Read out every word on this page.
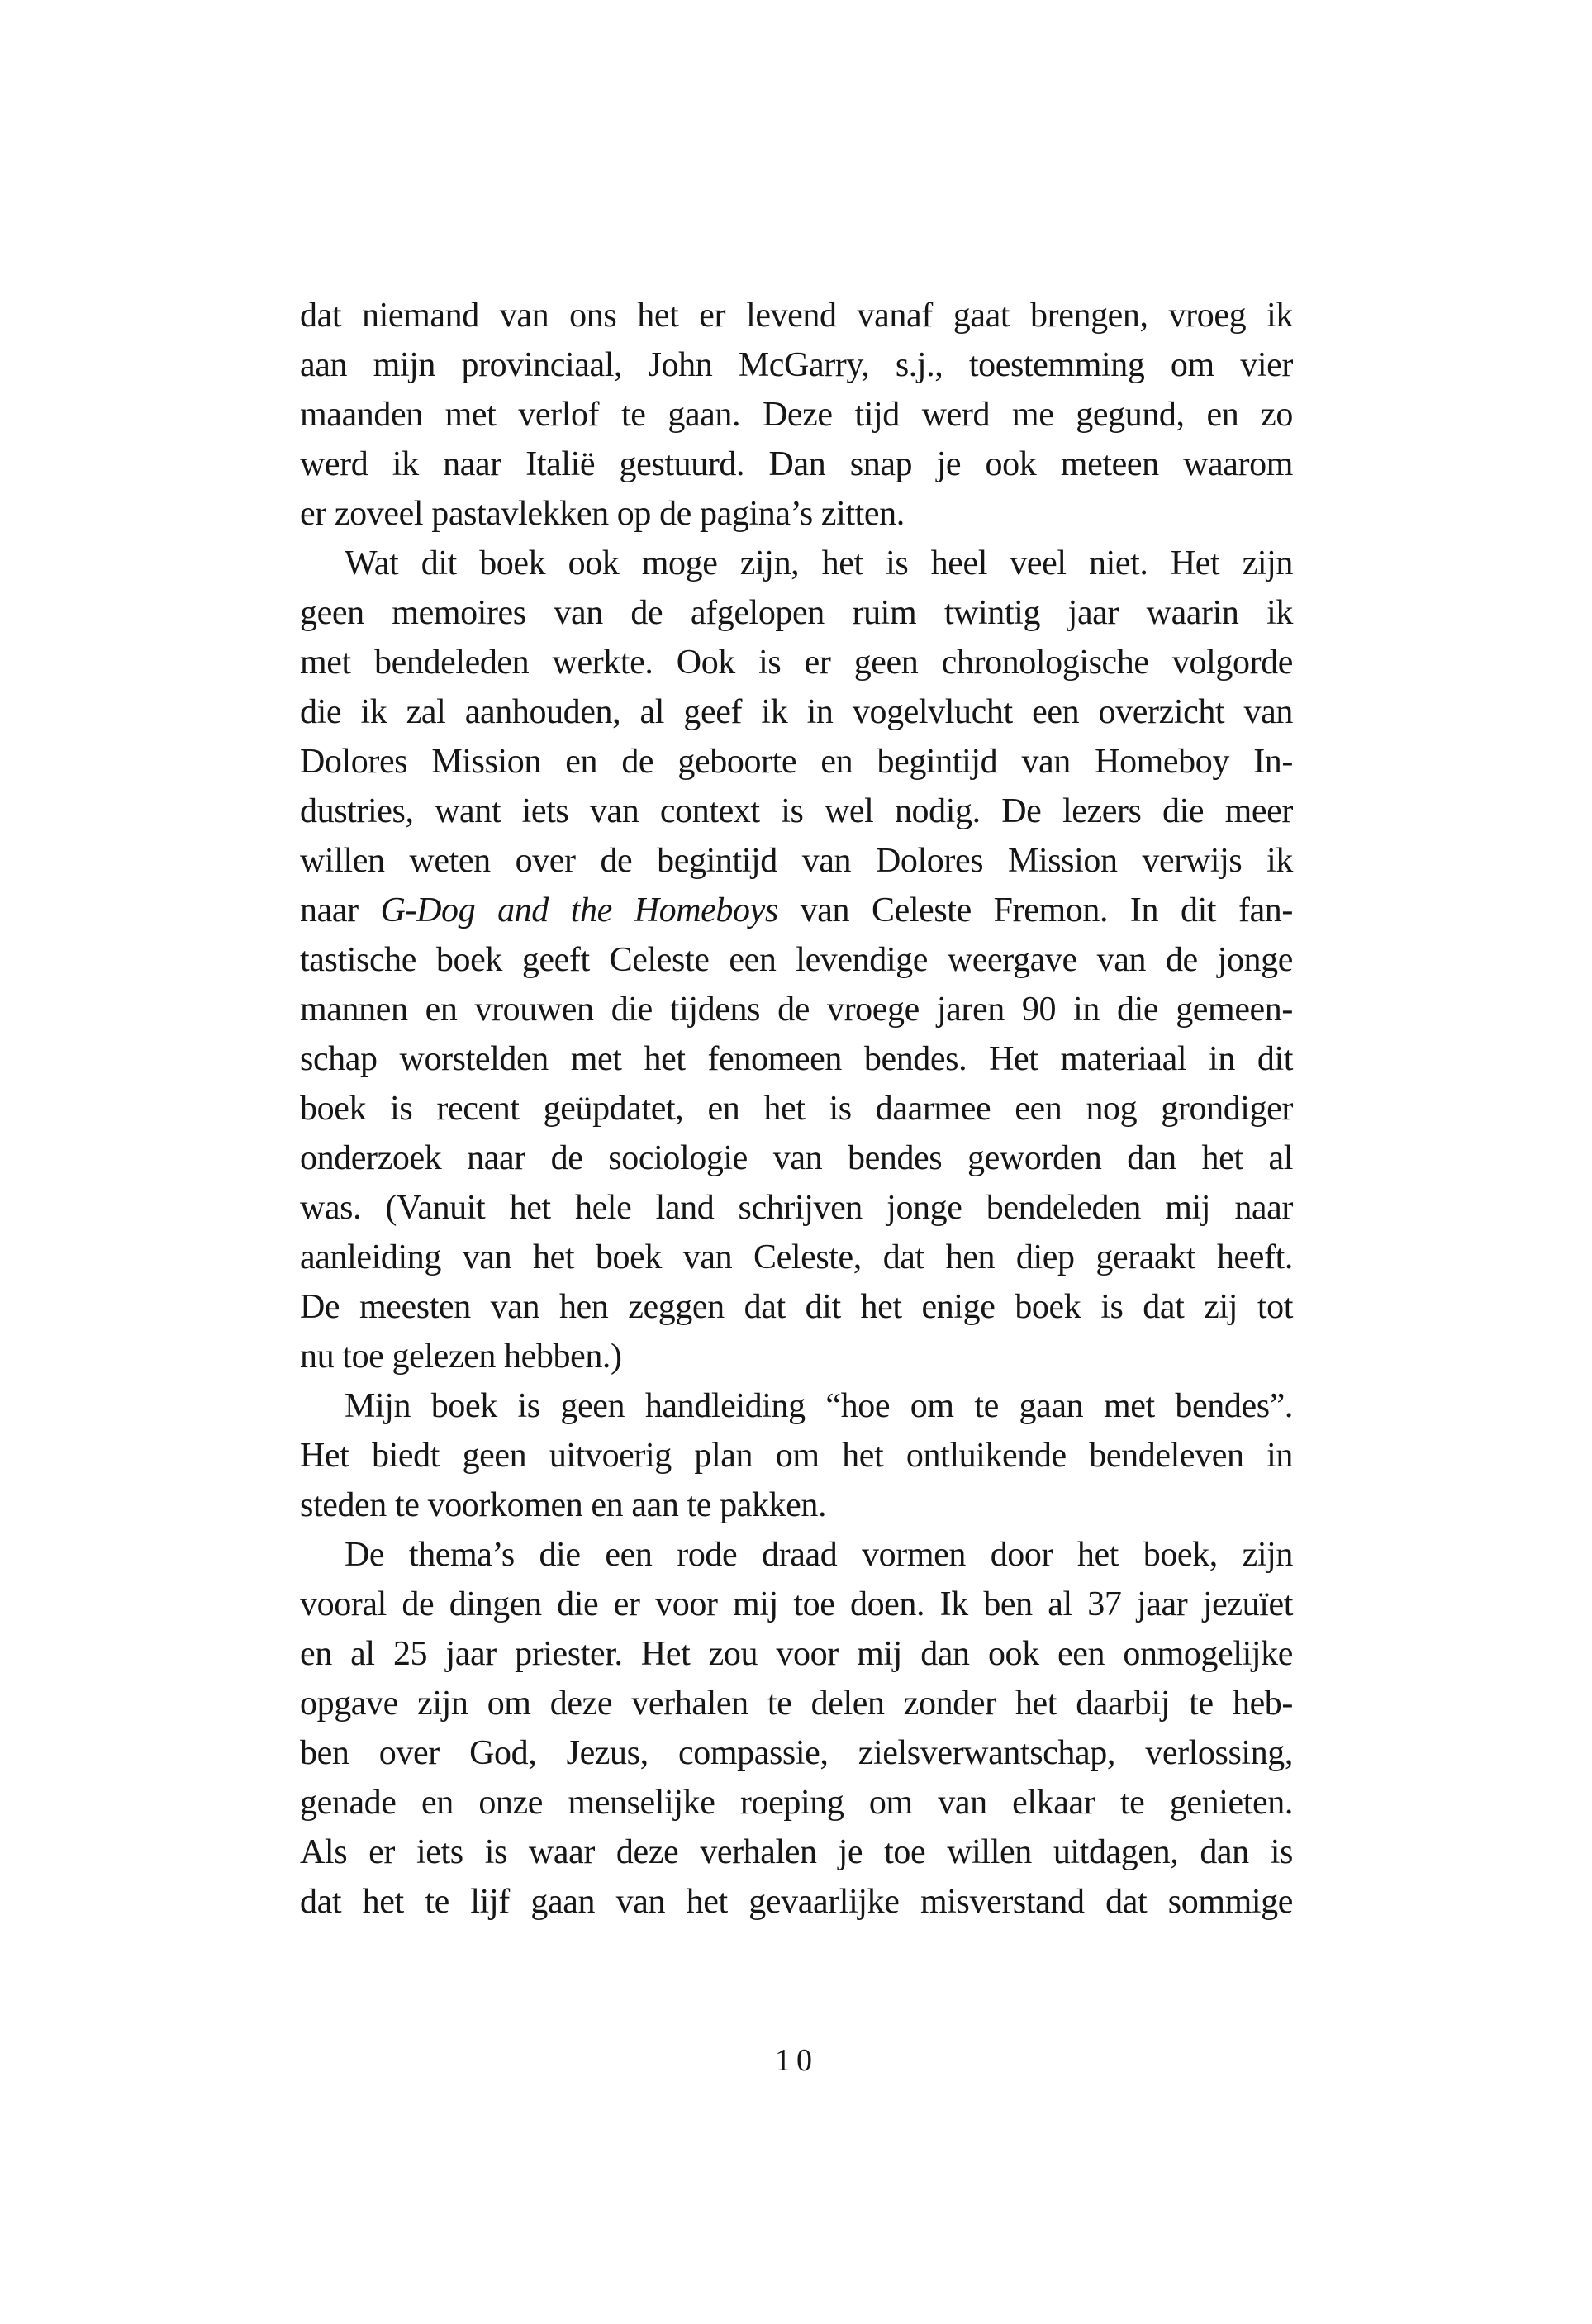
dat niemand van ons het er levend vanaf gaat brengen, vroeg ik
aan mijn provinciaal, John McGarry, s.j., toestemming om vier
maanden met verlof te gaan. Deze tijd werd me gegund, en zo
werd ik naar Italië gestuurd. Dan snap je ook meteen waarom
er zoveel pastavlekken op de pagina’s zitten.
Wat dit boek ook moge zijn, het is heel veel niet. Het zijn
geen memoires van de afgelopen ruim twintig jaar waarin ik
met bendeleden werkte. Ook is er geen chronologische volgorde
die ik zal aanhouden, al geef ik in vogelvlucht een overzicht van
Dolores Mission en de geboorte en begintijd van Homeboy In-
dustries, want iets van context is wel nodig. De lezers die meer
willen weten over de begintijd van Dolores Mission verwijs ik
naar G-Dog and the Homeboys van Celeste Fremon. In dit fan-
tastische boek geeft Celeste een levendige weergave van de jonge
mannen en vrouwen die tijdens de vroege jaren 90 in die gemeen-
schap worstelden met het fenomeen bendes. Het materiaal in dit
boek is recent geüpdatet, en het is daarmee een nog grondiger
onderzoek naar de sociologie van bendes geworden dan het al
was. (Vanuit het hele land schrijven jonge bendeleden mij naar
aanleiding van het boek van Celeste, dat hen diep geraakt heeft.
De meesten van hen zeggen dat dit het enige boek is dat zij tot
nu toe gelezen hebben.)
Mijn boek is geen handleiding “hoe om te gaan met bendes”.
Het biedt geen uitvoerig plan om het ontluikende bendeleven in
steden te voorkomen en aan te pakken.
De thema’s die een rode draad vormen door het boek, zijn
vooral de dingen die er voor mij toe doen. Ik ben al 37 jaar jezuïet
en al 25 jaar priester. Het zou voor mij dan ook een onmogelijke
opgave zijn om deze verhalen te delen zonder het daarbij te heb-
ben over God, Jezus, compassie, zielsverwantschap, verlossing,
genade en onze menselijke roeping om van elkaar te genieten.
Als er iets is waar deze verhalen je toe willen uitdagen, dan is
dat het te lijf gaan van het gevaarlijke misverstand dat sommige
10
